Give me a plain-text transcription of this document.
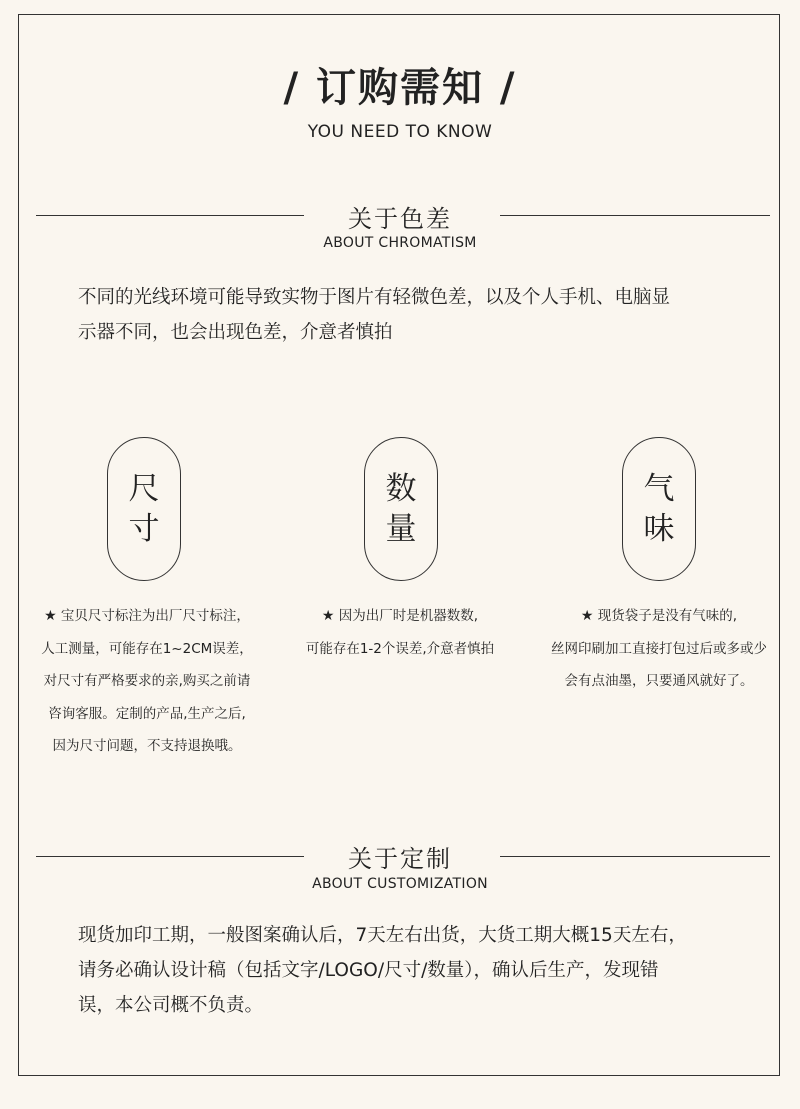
/ 订购需知 /
YOU NEED TO KNOW
关于色差
ABOUT CHROMATISM
不同的光线环境可能导致实物于图片有轻微色差，以及个人手机、电脑显
示器不同，也会出现色差，介意者慎拍
尺
寸
数
量
气
味
★ 宝贝尺寸标注为出厂尺寸标注，
人工测量，可能存在1~2CM误差，
对尺寸有严格要求的亲,购买之前请
咨询客服。定制的产品,生产之后,
因为尺寸问题，不支持退换哦。
★ 因为出厂时是机器数数,
可能存在1-2个误差,介意者慎拍
★ 现货袋子是没有气味的,
丝网印刷加工直接打包过后或多或少
会有点油墨，只要通风就好了。
关于定制
ABOUT CUSTOMIZATION
现货加印工期，一般图案确认后，7天左右出货，大货工期大概15天左右，
请务必确认设计稿（包括文字/LOGO/尺寸/数量），确认后生产，发现错
误，本公司概不负责。
